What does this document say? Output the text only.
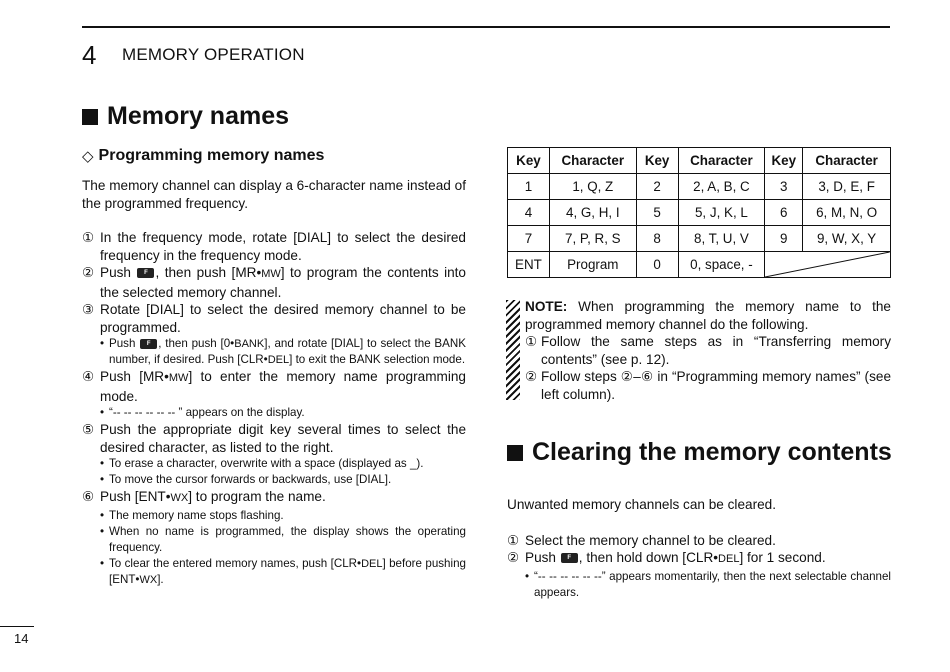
4 MEMORY OPERATION
Memory names
◇ Programming memory names
The memory channel can display a 6-character name instead of the programmed frequency.
① In the frequency mode, rotate [DIAL] to select the desired frequency in the frequency mode.
② Push F , then push [MR•MW] to program the contents into the selected memory channel.
③ Rotate [DIAL] to select the desired memory channel to be programmed.
• Push F , then push [0•BANK], and rotate [DIAL] to select the BANK number, if desired. Push [CLR•DEL] to exit the BANK selection mode.
④ Push [MR•MW] to enter the memory name programming mode.
• “-- -- -- -- -- -- ” appears on the display.
⑤ Push the appropriate digit key several times to select the desired character, as listed to the right.
• To erase a character, overwrite with a space (displayed as _).
• To move the cursor forwards or backwards, use [DIAL].
⑥ Push [ENT•WX] to program the name.
• The memory name stops flashing.
• When no name is programmed, the display shows the operating frequency.
• To clear the entered memory names, push [CLR•DEL] before pushing [ENT•WX].
Key	Character	Key	Character	Key	Character
1	1, Q, Z	2	2, A, B, C	3	3, D, E, F
4	4, G, H, I	5	5, J, K, L	6	6, M, N, O
7	7, P, R, S	8	8, T, U, V	9	9, W, X, Y
ENT	Program	0	0, space, -	
NOTE: When programming the memory name to the programmed memory channel do the following.
① Follow the same steps as in “Transferring memory contents” (see p. 12).
② Follow steps ②–⑥ in “Programming memory names” (see left column).
Clearing the memory contents
Unwanted memory channels can be cleared.
① Select the memory channel to be cleared.
② Push F , then hold down [CLR•DEL] for 1 second.
• “-- -- -- -- -- --” appears momentarily, then the next selectable channel appears.
14
